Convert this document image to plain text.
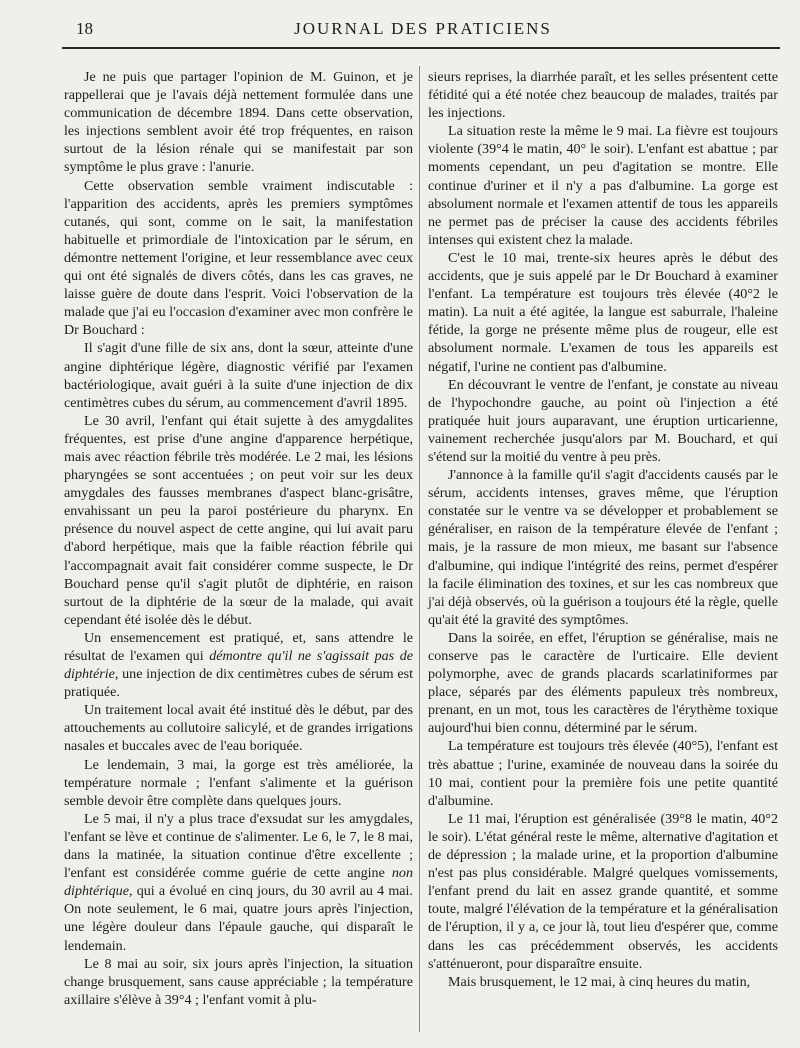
18	JOURNAL DES PRATICIENS

Je ne puis que partager l'opinion de M. Guinon, et je rappellerai que je l'avais déjà nettement formulée dans une communication de décembre 1894. Dans cette observation, les injections semblent avoir été trop fréquentes, en raison surtout de la lésion rénale qui se manifestait par son symptôme le plus grave : l'anurie.

Cette observation semble vraiment indiscutable : l'apparition des accidents, après les premiers symptômes cutanés, qui sont, comme on le sait, la manifestation habituelle et primordiale de l'intoxication par le sérum, en démontre nettement l'origine, et leur ressemblance avec ceux qui ont été signalés de divers côtés, dans les cas graves, ne laisse guère de doute dans l'esprit. Voici l'observation de la malade que j'ai eu l'occasion d'examiner avec mon confrère le Dr Bouchard :

Il s'agit d'une fille de six ans, dont la sœur, atteinte d'une angine diphtérique légère, diagnostic vérifié par l'examen bactériologique, avait guéri à la suite d'une injection de dix centimètres cubes du sérum, au commencement d'avril 1895.

Le 30 avril, l'enfant qui était sujette à des amygdalites fréquentes, est prise d'une angine d'apparence herpétique, mais avec réaction fébrile très modérée. Le 2 mai, les lésions pharyngées se sont accentuées ; on peut voir sur les deux amygdales des fausses membranes d'aspect blanc-grisâtre, envahissant un peu la paroi postérieure du pharynx. En présence du nouvel aspect de cette angine, qui lui avait paru d'abord herpétique, mais que la faible réaction fébrile qui l'accompagnait avait fait considérer comme suspecte, le Dr Bouchard pense qu'il s'agit plutôt de diphtérie, en raison surtout de la diphtérie de la sœur de la malade, qui avait cependant été isolée dès le début.

Un ensemencement est pratiqué, et, sans attendre le résultat de l'examen qui démontre qu'il ne s'agissait pas de diphtérie, une injection de dix centimètres cubes de sérum est pratiquée.

Un traitement local avait été institué dès le début, par des attouchements au collutoire salicylé, et de grandes irrigations nasales et buccales avec de l'eau boriquée.

Le lendemain, 3 mai, la gorge est très améliorée, la température normale ; l'enfant s'alimente et la guérison semble devoir être complète dans quelques jours.

Le 5 mai, il n'y a plus trace d'exsudat sur les amygdales, l'enfant se lève et continue de s'alimenter. Le 6, le 7, le 8 mai, dans la matinée, la situation continue d'être excellente ; l'enfant est considérée comme guérie de cette angine non diphtérique, qui a évolué en cinq jours, du 30 avril au 4 mai. On note seulement, le 6 mai, quatre jours après l'injection, une légère douleur dans l'épaule gauche, qui disparaît le lendemain.

Le 8 mai au soir, six jours après l'injection, la situation change brusquement, sans cause appréciable ; la température axillaire s'élève à 39°4 ; l'enfant vomit à plu-

sieurs reprises, la diarrhée paraît, et les selles présentent cette fétidité qui a été notée chez beaucoup de malades, traités par les injections.

La situation reste la même le 9 mai. La fièvre est toujours violente (39°4 le matin, 40° le soir). L'enfant est abattue ; par moments cependant, un peu d'agitation se montre. Elle continue d'uriner et il n'y a pas d'albumine. La gorge est absolument normale et l'examen attentif de tous les appareils ne permet pas de préciser la cause des accidents fébriles intenses qui existent chez la malade.

C'est le 10 mai, trente-six heures après le début des accidents, que je suis appelé par le Dr Bouchard à examiner l'enfant. La température est toujours très élevée (40°2 le matin). La nuit a été agitée, la langue est saburrale, l'haleine fétide, la gorge ne présente même plus de rougeur, elle est absolument normale. L'examen de tous les appareils est négatif, l'urine ne contient pas d'albumine.

En découvrant le ventre de l'enfant, je constate au niveau de l'hypochondre gauche, au point où l'injection a été pratiquée huit jours auparavant, une éruption urticarienne, vainement recherchée jusqu'alors par M. Bouchard, et qui s'étend sur la moitié du ventre à peu près.

J'annonce à la famille qu'il s'agit d'accidents causés par le sérum, accidents intenses, graves même, que l'éruption constatée sur le ventre va se développer et probablement se généraliser, en raison de la température élevée de l'enfant ; mais, je la rassure de mon mieux, me basant sur l'absence d'albumine, qui indique l'intégrité des reins, permet d'espérer la facile élimination des toxines, et sur les cas nombreux que j'ai déjà observés, où la guérison a toujours été la règle, quelle qu'ait été la gravité des symptômes.

Dans la soirée, en effet, l'éruption se généralise, mais ne conserve pas le caractère de l'urticaire. Elle devient polymorphe, avec de grands placards scarlatiniformes par place, séparés par des éléments papuleux très nombreux, prenant, en un mot, tous les caractères de l'érythème toxique aujourd'hui bien connu, déterminé par le sérum.

La température est toujours très élevée (40°5), l'enfant est très abattue ; l'urine, examinée de nouveau dans la soirée du 10 mai, contient pour la première fois une petite quantité d'albumine.

Le 11 mai, l'éruption est généralisée (39°8 le matin, 40°2 le soir). L'état général reste le même, alternative d'agitation et de dépression ; la malade urine, et la proportion d'albumine n'est pas plus considérable. Malgré quelques vomissements, l'enfant prend du lait en assez grande quantité, et somme toute, malgré l'élévation de la température et la généralisation de l'éruption, il y a, ce jour là, tout lieu d'espérer que, comme dans les cas précédemment observés, les accidents s'atténueront, pour disparaître ensuite.

Mais brusquement, le 12 mai, à cinq heures du matin,
